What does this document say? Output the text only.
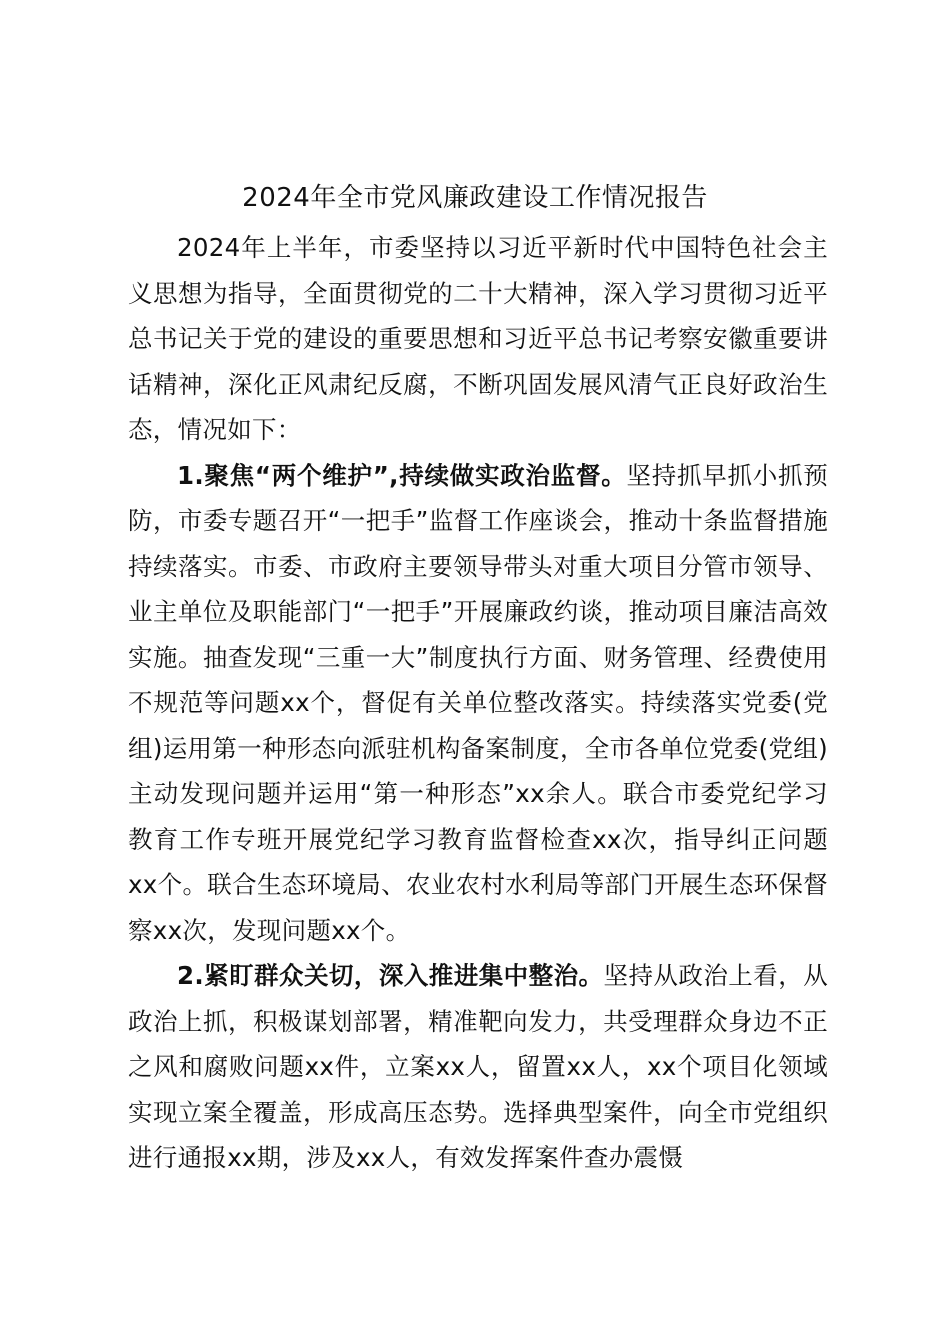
2024年全市党风廉政建设工作情况报告

2024年上半年，市委坚持以习近平新时代中国特色社会主义思想为指导，全面贯彻党的二十大精神，深入学习贯彻习近平总书记关于党的建设的重要思想和习近平总书记考察安徽重要讲话精神，深化正风肃纪反腐，不断巩固发展风清气正良好政治生态，情况如下：

1.聚焦“两个维护”,持续做实政治监督。坚持抓早抓小抓预防，市委专题召开“一把手”监督工作座谈会，推动十条监督措施持续落实。市委、市政府主要领导带头对重大项目分管市领导、业主单位及职能部门“一把手”开展廉政约谈，推动项目廉洁高效实施。抽查发现“三重一大”制度执行方面、财务管理、经费使用不规范等问题xx个，督促有关单位整改落实。持续落实党委(党组)运用第一种形态向派驻机构备案制度，全市各单位党委(党组)主动发现问题并运用“第一种形态”xx余人。联合市委党纪学习教育工作专班开展党纪学习教育监督检查xx次，指导纠正问题xx个。联合生态环境局、农业农村水利局等部门开展生态环保督察xx次，发现问题xx个。

2.紧盯群众关切，深入推进集中整治。坚持从政治上看，从政治上抓，积极谋划部署，精准靶向发力，共受理群众身边不正之风和腐败问题xx件，立案xx人，留置xx人，xx个项目化领域实现立案全覆盖，形成高压态势。选择典型案件，向全市党组织进行通报xx期，涉及xx人，有效发挥案件查办震慑
